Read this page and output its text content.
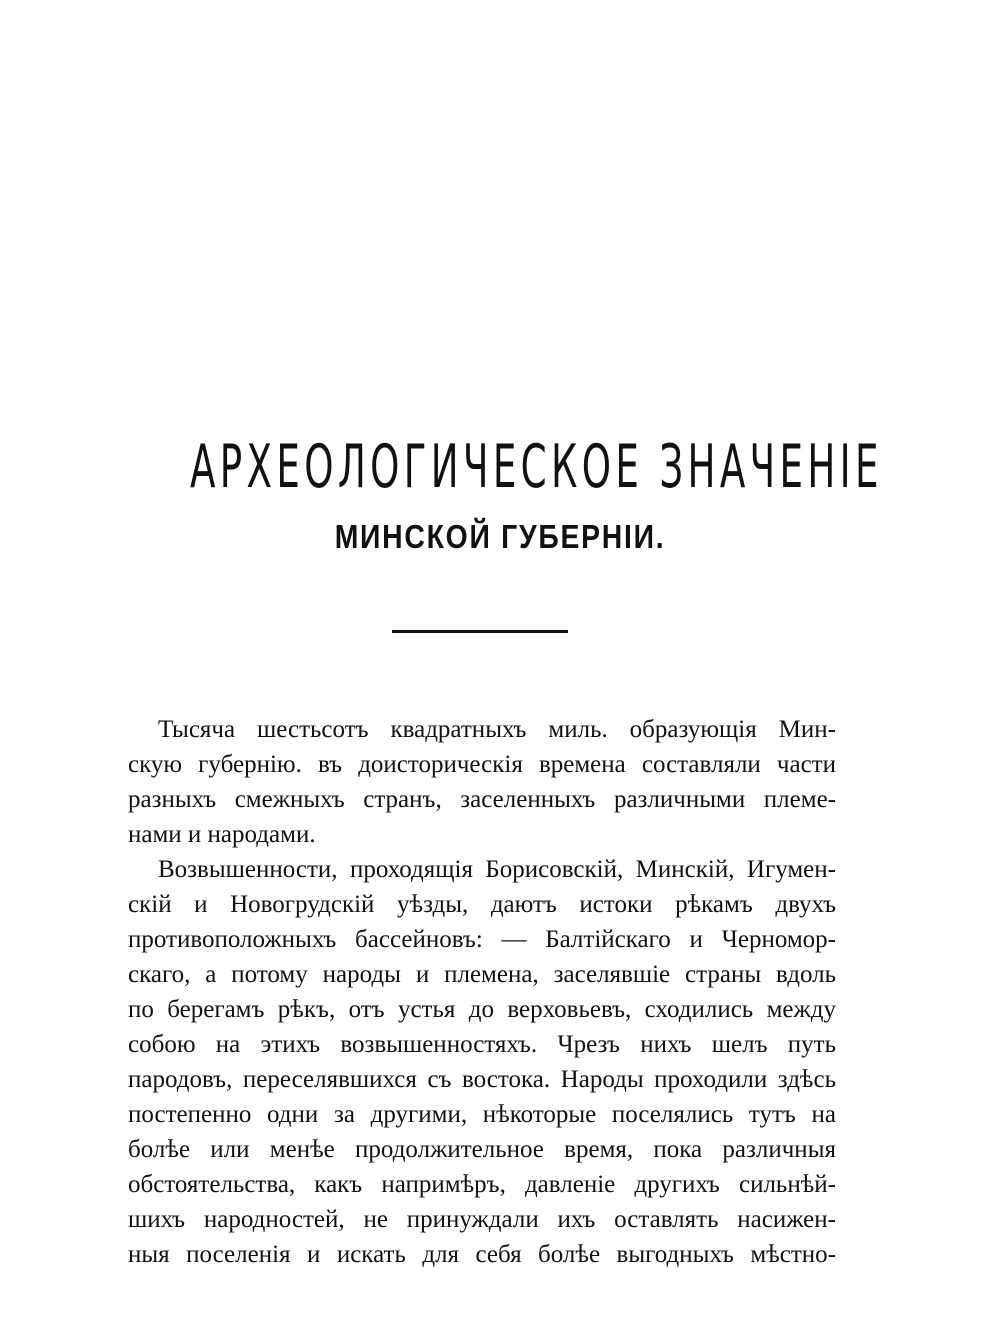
АРХЕОЛОГИЧЕСКОЕ ЗНАЧЕНІЕ
МИНСКОЙ ГУБЕРНІИ.
Тысяча шестьсотъ квадратныхъ миль. образующія Мин-
скую губернію. въ доисторическія времена составляли части
разныхъ смежныхъ странъ, заселенныхъ различными племе-
нами и народами.
Возвышенности, проходящія Борисовскій, Минскій, Игумен-
скій и Новогрудскій уѣзды, даютъ истоки рѣкамъ двухъ
противоположныхъ бассейновъ: — Балтійскаго и Черномор-
скаго, а потому народы и племена, заселявшіе страны вдоль
по берегамъ рѣкъ, отъ устья до верховьевъ, сходились между
собою на этихъ возвышенностяхъ. Чрезъ нихъ шелъ путь
пародовъ, переселявшихся съ востока. Народы проходили здѣсь
постепенно одни за другими, нѣкоторые поселялись тутъ на
болѣе или менѣе продолжительное время, пока различныя
обстоятельства, какъ напримѣръ, давленіе другихъ сильнѣй-
шихъ народностей, не принуждали ихъ оставлять насижен-
ныя поселенія и искать для себя болѣе выгодныхъ мѣстно-
